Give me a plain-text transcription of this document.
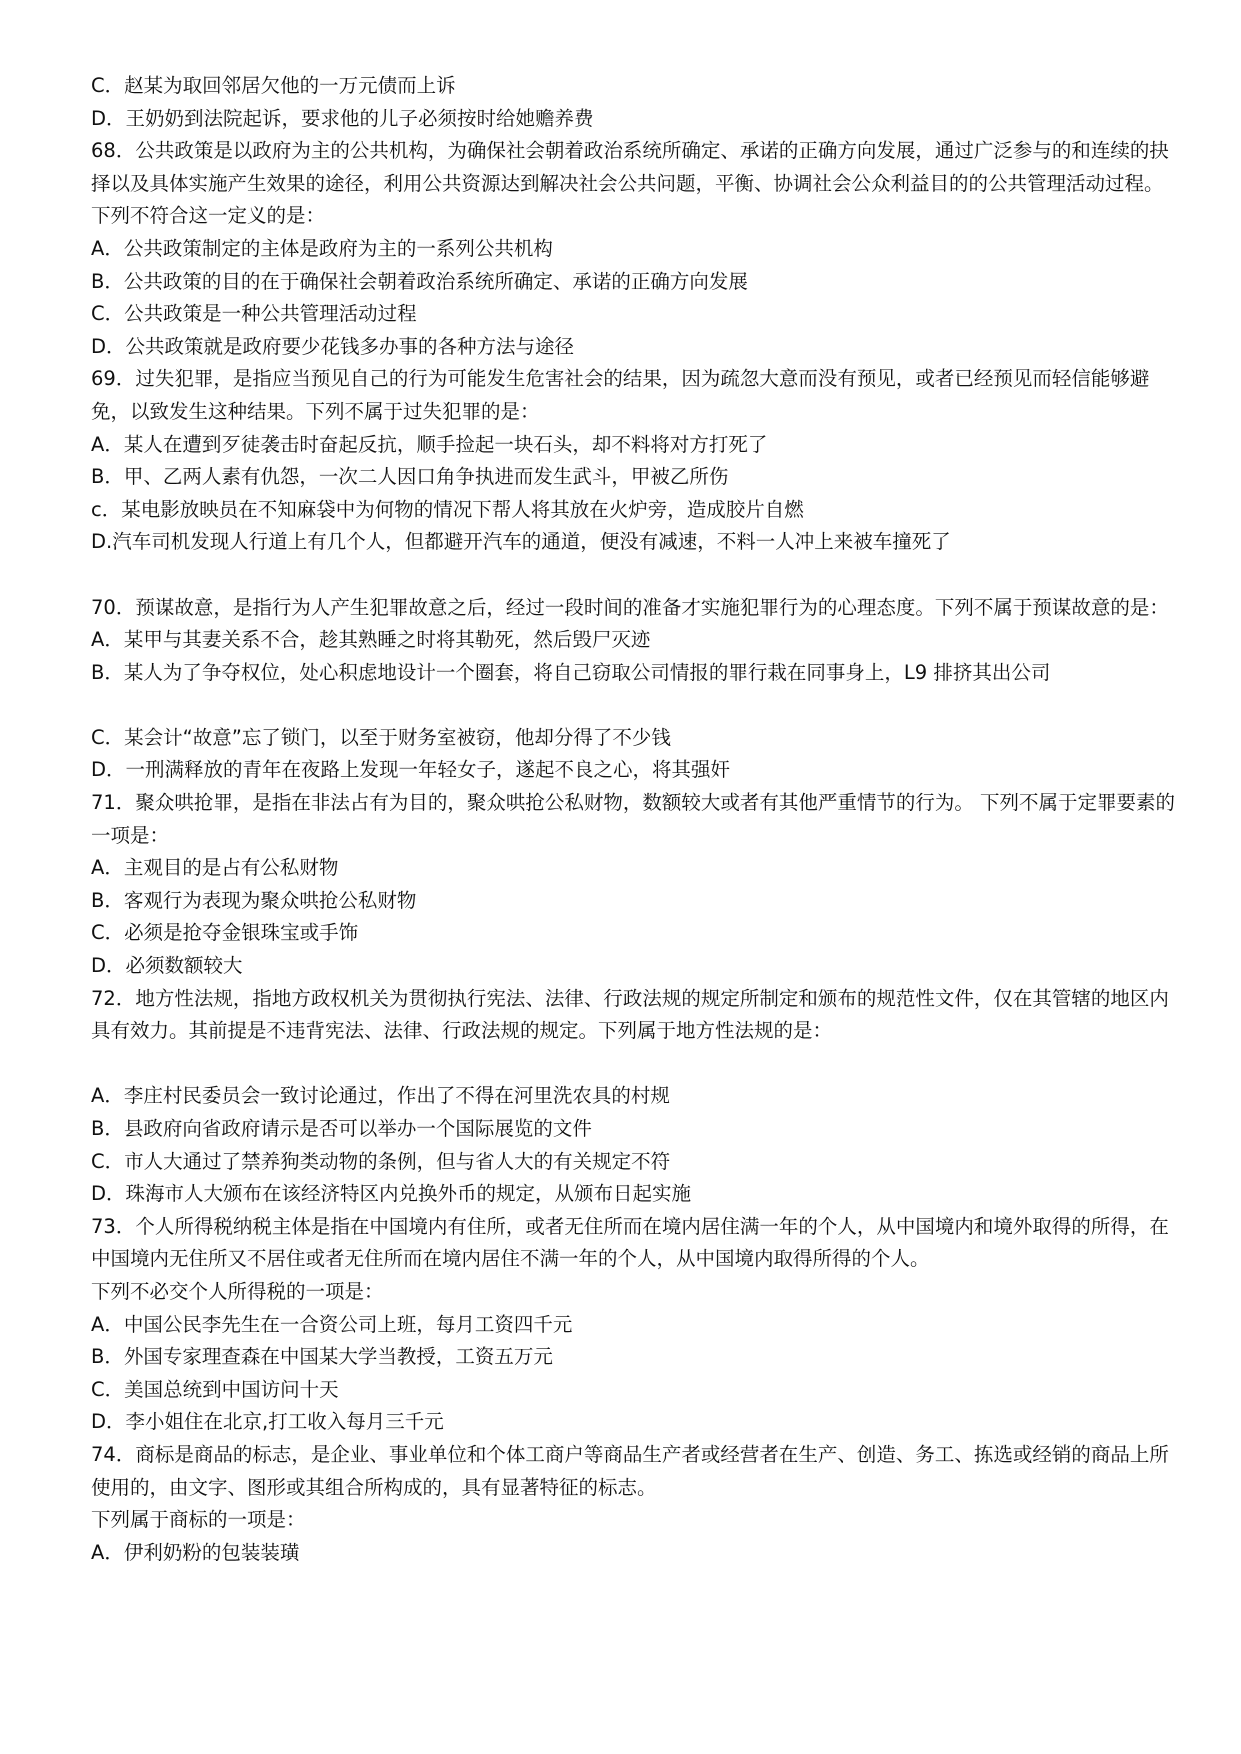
C．赵某为取回邻居欠他的一万元债而上诉
D．王奶奶到法院起诉，要求他的儿子必须按时给她赡养费
68．公共政策是以政府为主的公共机构，为确保社会朝着政治系统所确定、承诺的正确方向发展，通过广泛参与的和连续的抉择以及具体实施产生效果的途径，利用公共资源达到解决社会公共问题，平衡、协调社会公众利益目的的公共管理活动过程。
下列不符合这一定义的是：
A．公共政策制定的主体是政府为主的一系列公共机构
B．公共政策的目的在于确保社会朝着政治系统所确定、承诺的正确方向发展
C．公共政策是一种公共管理活动过程
D．公共政策就是政府要少花钱多办事的各种方法与途径
69．过失犯罪，是指应当预见自己的行为可能发生危害社会的结果，因为疏忽大意而没有预见，或者已经预见而轻信能够避免，以致发生这种结果。下列不属于过失犯罪的是：
A．某人在遭到歹徒袭击时奋起反抗，顺手捡起一块石头，却不料将对方打死了
B．甲、乙两人素有仇怨，一次二人因口角争执进而发生武斗，甲被乙所伤
c．某电影放映员在不知麻袋中为何物的情况下帮人将其放在火炉旁，造成胶片自燃
D.汽车司机发现人行道上有几个人，但都避开汽车的通道，便没有减速，不料一人冲上来被车撞死了
70．预谋故意，是指行为人产生犯罪故意之后，经过一段时间的准备才实施犯罪行为的心理态度。下列不属于预谋故意的是：
A．某甲与其妻关系不合，趁其熟睡之时将其勒死，然后毁尸灭迹
B．某人为了争夺权位，处心积虑地设计一个圈套，将自己窃取公司情报的罪行栽在同事身上，L9 排挤其出公司
C．某会计“故意”忘了锁门，以至于财务室被窃，他却分得了不少钱
D．一刑满释放的青年在夜路上发现一年轻女子，遂起不良之心，将其强奸
71．聚众哄抢罪，是指在非法占有为目的，聚众哄抢公私财物，数额较大或者有其他严重情节的行为。 下列不属于定罪要素的一项是：
A．主观目的是占有公私财物
B．客观行为表现为聚众哄抢公私财物
C．必须是抢夺金银珠宝或手饰
D．必须数额较大
72．地方性法规，指地方政权机关为贯彻执行宪法、法律、行政法规的规定所制定和颁布的规范性文件，仅在其管辖的地区内具有效力。其前提是不违背宪法、法律、行政法规的规定。下列属于地方性法规的是：
A．李庄村民委员会一致讨论通过，作出了不得在河里洗农具的村规
B．县政府向省政府请示是否可以举办一个国际展览的文件
C．市人大通过了禁养狗类动物的条例，但与省人大的有关规定不符
D．珠海市人大颁布在该经济特区内兑换外币的规定，从颁布日起实施
73．个人所得税纳税主体是指在中国境内有住所，或者无住所而在境内居住满一年的个人，从中国境内和境外取得的所得，在中国境内无住所又不居住或者无住所而在境内居住不满一年的个人，从中国境内取得所得的个人。
下列不必交个人所得税的一项是：
A．中国公民李先生在一合资公司上班，每月工资四千元
B．外国专家理查森在中国某大学当教授，工资五万元
C．美国总统到中国访问十天
D．李小姐住在北京,打工收入每月三千元
74．商标是商品的标志，是企业、事业单位和个体工商户等商品生产者或经营者在生产、创造、务工、拣选或经销的商品上所使用的，由文字、图形或其组合所构成的，具有显著特征的标志。
下列属于商标的一项是：
A．伊利奶粉的包装装璜
